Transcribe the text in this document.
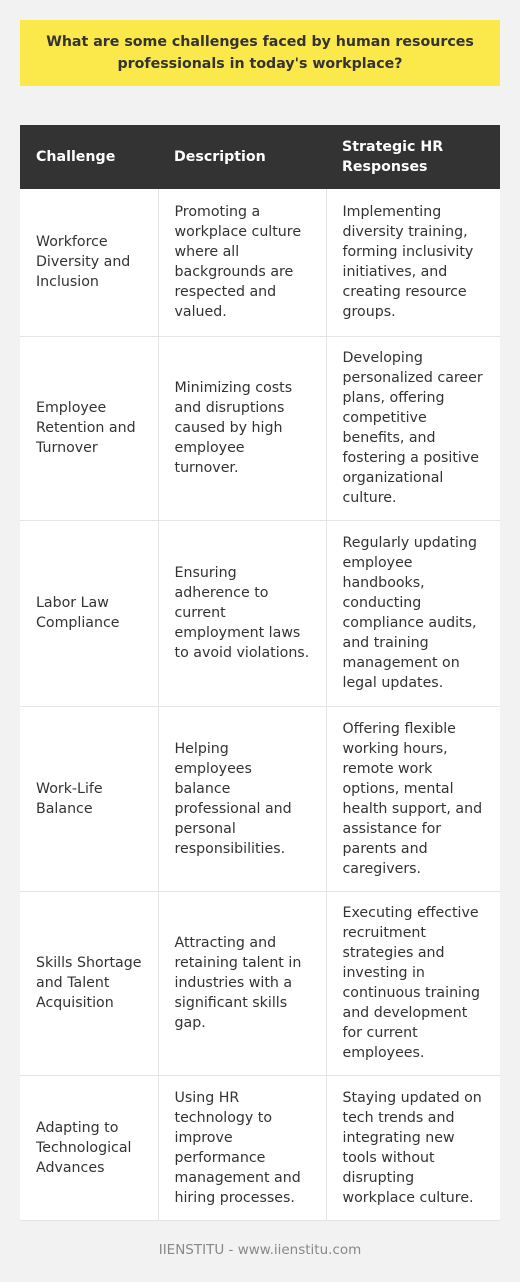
What are some challenges faced by human resources professionals in today's workplace?
Challenge	Description	Strategic HR Responses
Workforce Diversity and Inclusion	Promoting a workplace culture where all backgrounds are respected and valued.	Implementing diversity training, forming inclusivity initiatives, and creating resource groups.
Employee Retention and Turnover	Minimizing costs and disruptions caused by high employee turnover.	Developing personalized career plans, offering competitive benefits, and fostering a positive organizational culture.
Labor Law Compliance	Ensuring adherence to current employment laws to avoid violations.	Regularly updating employee handbooks, conducting compliance audits, and training management on legal updates.
Work-Life Balance	Helping employees balance professional and personal responsibilities.	Offering flexible working hours, remote work options, mental health support, and assistance for parents and caregivers.
Skills Shortage and Talent Acquisition	Attracting and retaining talent in industries with a significant skills gap.	Executing effective recruitment strategies and investing in continuous training and development for current employees.
Adapting to Technological Advances	Using HR technology to improve performance management and hiring processes.	Staying updated on tech trends and integrating new tools without disrupting workplace culture.
IIENSTITU - www.iienstitu.com
